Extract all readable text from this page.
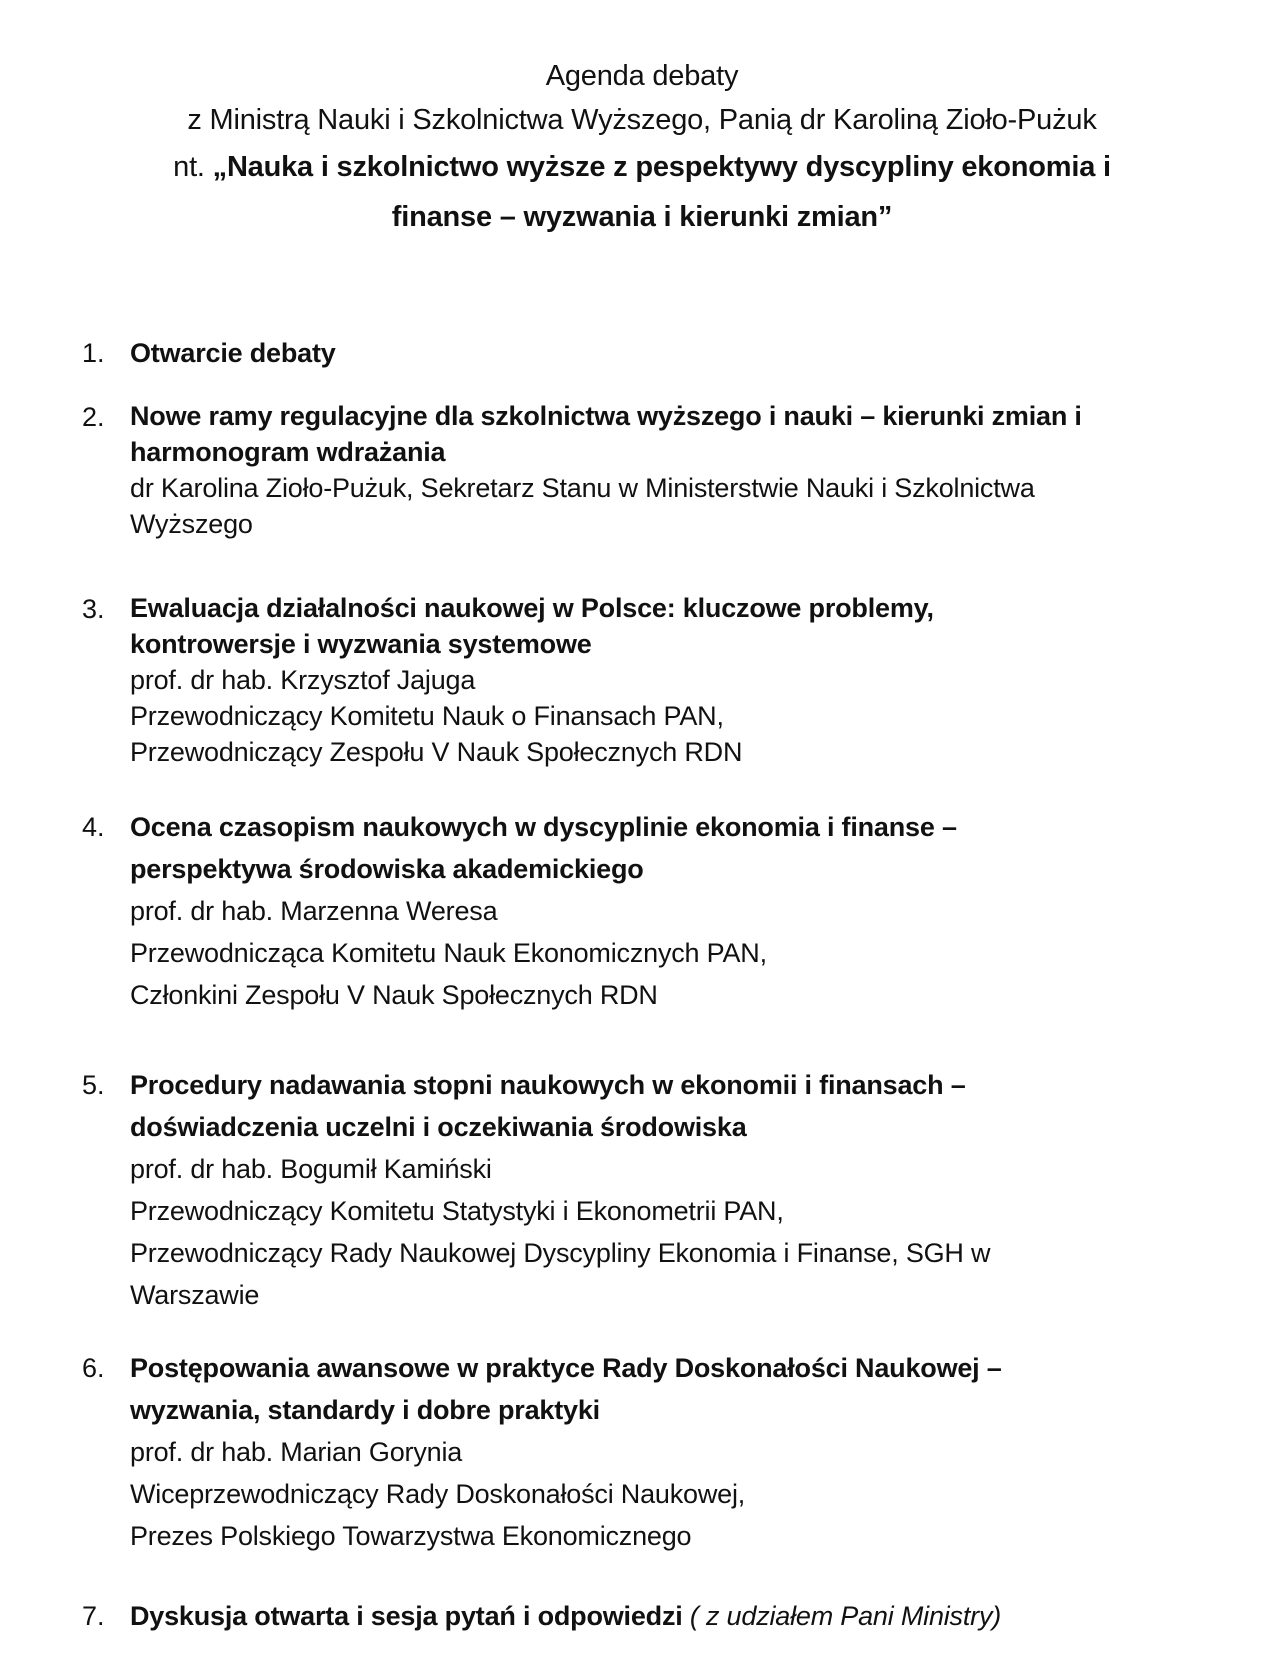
Agenda debaty
z Ministrą Nauki i Szkolnictwa Wyższego, Panią dr Karoliną Zioło-Pużuk
nt. „Nauka i szkolnictwo wyższe z pespektywy dyscypliny ekonomia i
finanse – wyzwania i kierunki zmian”
1. Otwarcie debaty
2. Nowe ramy regulacyjne dla szkolnictwa wyższego i nauki – kierunki zmian i
harmonogram wdrażania
dr Karolina Zioło-Pużuk, Sekretarz Stanu w Ministerstwie Nauki i Szkolnictwa
Wyższego
3. Ewaluacja działalności naukowej w Polsce: kluczowe problemy,
kontrowersje i wyzwania systemowe
prof. dr hab. Krzysztof Jajuga
Przewodniczący Komitetu Nauk o Finansach PAN,
Przewodniczący Zespołu V Nauk Społecznych RDN
4. Ocena czasopism naukowych w dyscyplinie ekonomia i finanse –
perspektywa środowiska akademickiego
prof. dr hab. Marzenna Weresa
Przewodnicząca Komitetu Nauk Ekonomicznych PAN,
Członkini Zespołu V Nauk Społecznych RDN
5. Procedury nadawania stopni naukowych w ekonomii i finansach –
doświadczenia uczelni i oczekiwania środowiska
prof. dr hab. Bogumił Kamiński
Przewodniczący Komitetu Statystyki i Ekonometrii PAN,
Przewodniczący Rady Naukowej Dyscypliny Ekonomia i Finanse, SGH w
Warszawie
6. Postępowania awansowe w praktyce Rady Doskonałości Naukowej –
wyzwania, standardy i dobre praktyki
prof. dr hab. Marian Gorynia
Wiceprzewodniczący Rady Doskonałości Naukowej,
Prezes Polskiego Towarzystwa Ekonomicznego
7. Dyskusja otwarta i sesja pytań i odpowiedzi ( z udziałem Pani Ministry)
